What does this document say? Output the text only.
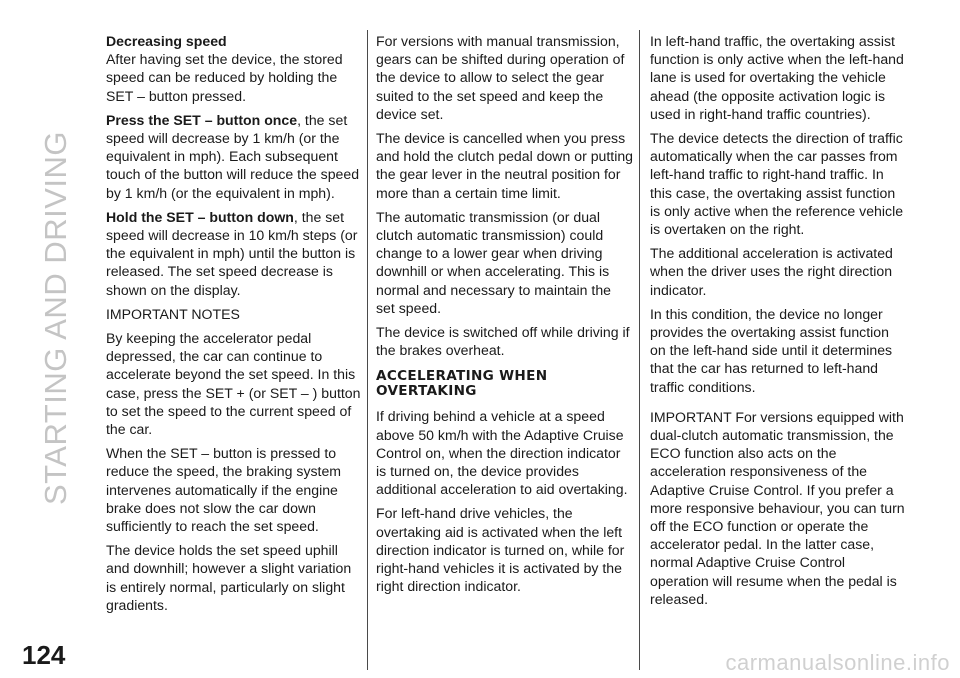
STARTING AND DRIVING
124

Decreasing speed

After having set the device, the stored speed can be reduced by holding the SET – button pressed.

Press the SET – button once, the set speed will decrease by 1 km/h (or the equivalent in mph). Each subsequent touch of the button will reduce the speed by 1 km/h (or the equivalent in mph).

Hold the SET – button down, the set speed will decrease in 10 km/h steps (or the equivalent in mph) until the button is released. The set speed decrease is shown on the display.

IMPORTANT NOTES

By keeping the accelerator pedal depressed, the car can continue to accelerate beyond the set speed. In this case, press the SET + (or SET – ) button to set the speed to the current speed of the car.

When the SET – button is pressed to reduce the speed, the braking system intervenes automatically if the engine brake does not slow the car down sufficiently to reach the set speed.

The device holds the set speed uphill and downhill; however a slight variation is entirely normal, particularly on slight gradients.

For versions with manual transmission, gears can be shifted during operation of the device to allow to select the gear suited to the set speed and keep the device set.

The device is cancelled when you press and hold the clutch pedal down or putting the gear lever in the neutral position for more than a certain time limit.

The automatic transmission (or dual clutch automatic transmission) could change to a lower gear when driving downhill or when accelerating. This is normal and necessary to maintain the set speed.

The device is switched off while driving if the brakes overheat.

ACCELERATING WHEN OVERTAKING

If driving behind a vehicle at a speed above 50 km/h with the Adaptive Cruise Control on, when the direction indicator is turned on, the device provides additional acceleration to aid overtaking.

For left-hand drive vehicles, the overtaking aid is activated when the left direction indicator is turned on, while for right-hand vehicles it is activated by the right direction indicator.

In left-hand traffic, the overtaking assist function is only active when the left-hand lane is used for overtaking the vehicle ahead (the opposite activation logic is used in right-hand traffic countries).

The device detects the direction of traffic automatically when the car passes from left-hand traffic to right-hand traffic. In this case, the overtaking assist function is only active when the reference vehicle is overtaken on the right.

The additional acceleration is activated when the driver uses the right direction indicator.

In this condition, the device no longer provides the overtaking assist function on the left-hand side until it determines that the car has returned to left-hand traffic conditions.

IMPORTANT For versions equipped with dual-clutch automatic transmission, the ECO function also acts on the acceleration responsiveness of the Adaptive Cruise Control. If you prefer a more responsive behaviour, you can turn off the ECO function or operate the accelerator pedal. In the latter case, normal Adaptive Cruise Control operation will resume when the pedal is released.

carmanualsonline.info
